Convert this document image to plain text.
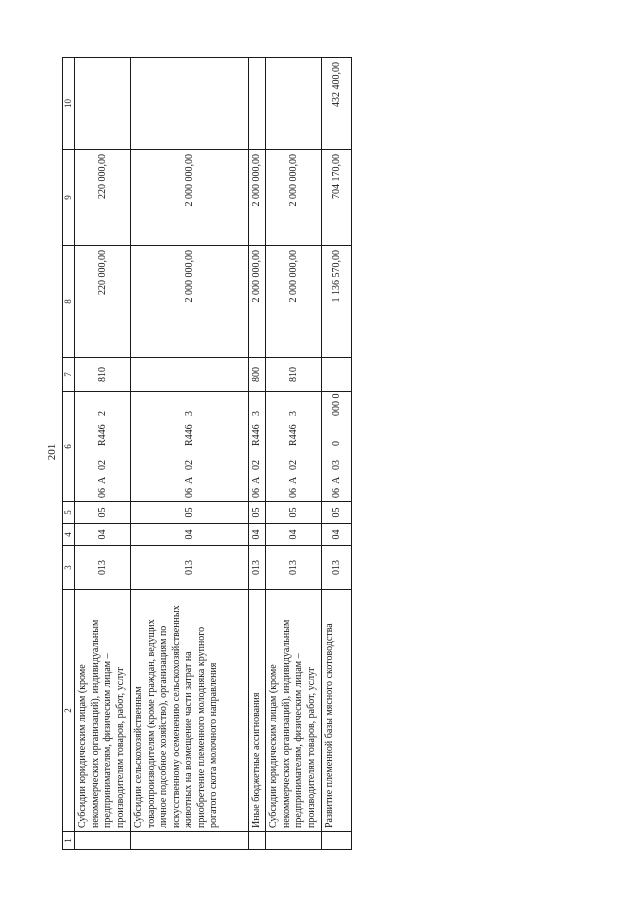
201
1	2	3	4	5	6	7	8	9	10
	Субсидии юридическим лицам (кроме некоммерческих организаций), индивидуальным предпринимателям, физическим лицам – производителям товаров, работ, услуг	013	04	05	06А02R4462	810	220 000,00	220 000,00	
	Субсидии сельскохозяйственным товаропроизводителям (кроме граждан, ведущих личное подсобное хозяйство), организациям по искусственному осеменению сельскохозяйственных животных на возмещение части затрат на приобретение племенного молодняка крупного рогатого скота молочного направления	013	04	05	06А02R4463		2 000 000,00	2 000 000,00	
	Иные бюджетные ассигнования	013	04	05	06А02R4463	800	2 000 000,00	2 000 000,00	
	Субсидии юридическим лицам (кроме некоммерческих организаций), индивидуальным предпринимателям, физическим лицам – производителям товаров, работ, услуг	013	04	05	06А02R4463	810	2 000 000,00	2 000 000,00	
	Развитие племенной базы мясного скотоводства	013	04	05	06А030000 0		1 136 570,00	704 170,00	432 400,00
